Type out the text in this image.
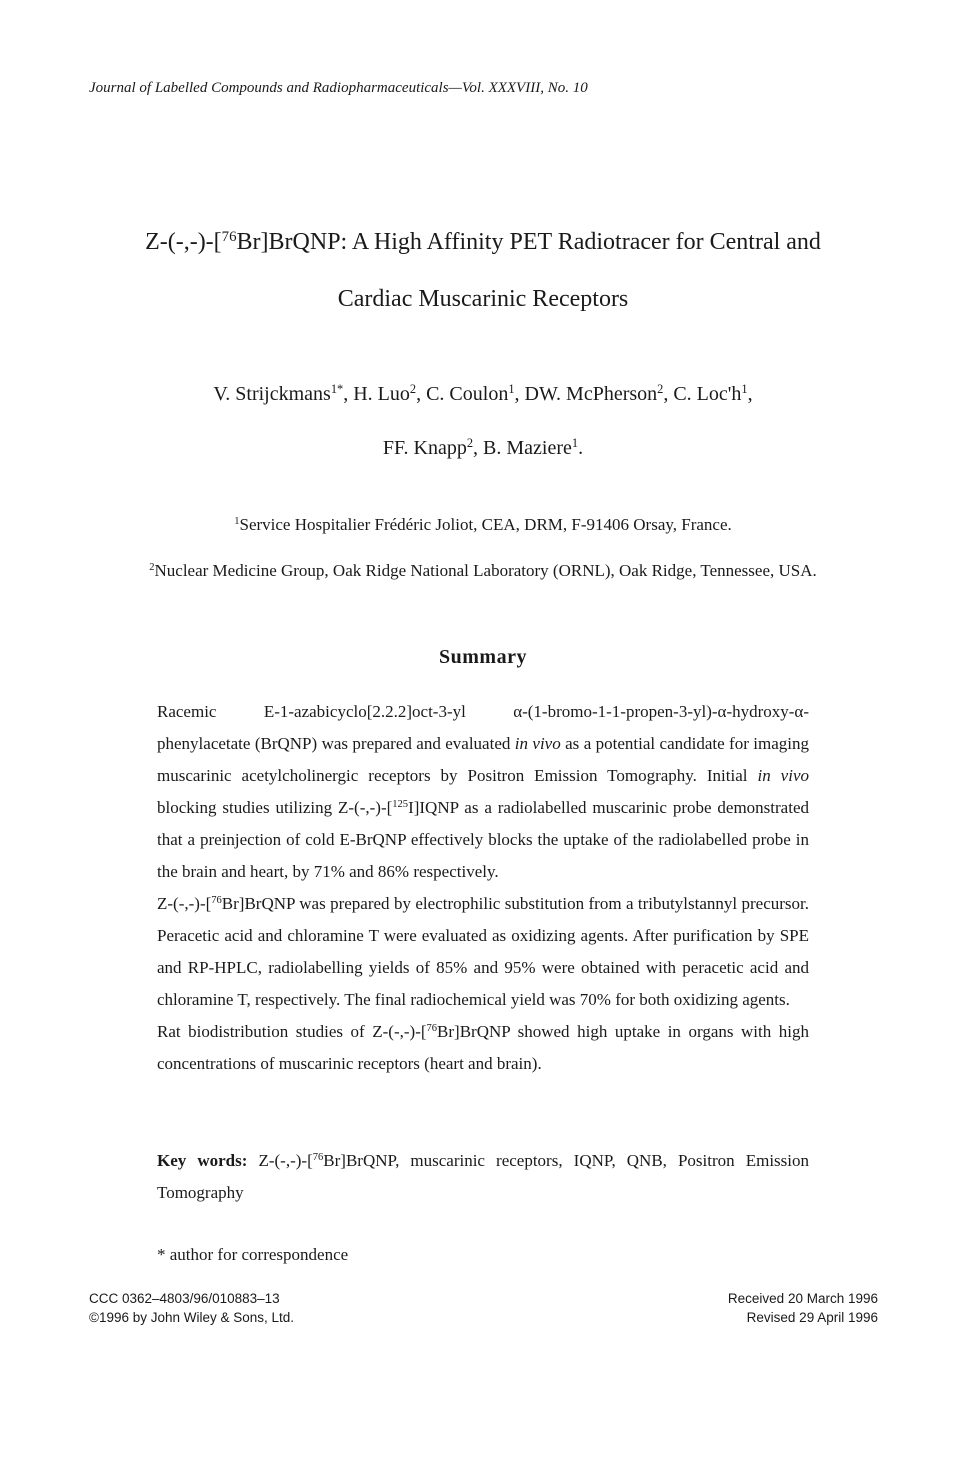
Journal of Labelled Compounds and Radiopharmaceuticals—Vol. XXXVIII, No. 10
Z-(-,-)-[$^{76}$Br]BrQNP: A High Affinity PET Radiotracer for Central and
Cardiac Muscarinic Receptors
V. Strijckmans$^{1*}$, H. Luo$^2$, C. Coulon$^1$, DW. McPherson$^2$, C. $Loc'h^1$,
FF. Knapp$^2$, B. Maziere$^1$.
$^1$Service Hospitalier Frédéric Joliot, CEA, DRM, F-91406 Orsay, France.
$^2$Nuclear Medicine Group, Oak Ridge National Laboratory (ORNL), Oak Ridge, Tennessee, USA.
Summary

Racemic E-1-azabicyclo[2.2.2]oct-3-yl α-(1-bromo-1-1-propen-3-yl)-α-hydroxy-α-phenylacetate (BrQNP) was prepared and evaluated in vivo as a potential candidate for imaging muscarinic acetylcholinergic receptors by Positron Emission Tomography. Initial in vivo blocking studies utilizing Z-(-,-)-[$^{125}$I]IQNP as a radiolabelled muscarinic probe demonstrated that a preinjection of cold E-BrQNP effectively blocks the uptake of the radiolabelled probe in the brain and heart, by 71% and 86% respectively.

Z-(-,-)-[$^{76}$Br]BrQNP was prepared by electrophilic substitution from a tributylstannyl precursor. Peracetic acid and chloramine T were evaluated as oxidizing agents. After purification by SPE and RP-HPLC, radiolabelling yields of 85% and 95% were obtained with peracetic acid and chloramine T, respectively. The final radiochemical yield was 70% for both oxidizing agents.

Rat biodistribution studies of Z-(-,-)-[$^{76}$Br]BrQNP showed high uptake in organs with high concentrations of muscarinic receptors (heart and brain).

Key words: Z-(-,-)-[$^{76}$Br]BrQNP, muscarinic receptors, IQNP, QNB, Positron Emission Tomography
* author for correspondence
CCC 0362–4803/96/010883–13
©1996 by John Wiley & Sons, Ltd.
Received 20 March 1996
Revised 29 April 1996
